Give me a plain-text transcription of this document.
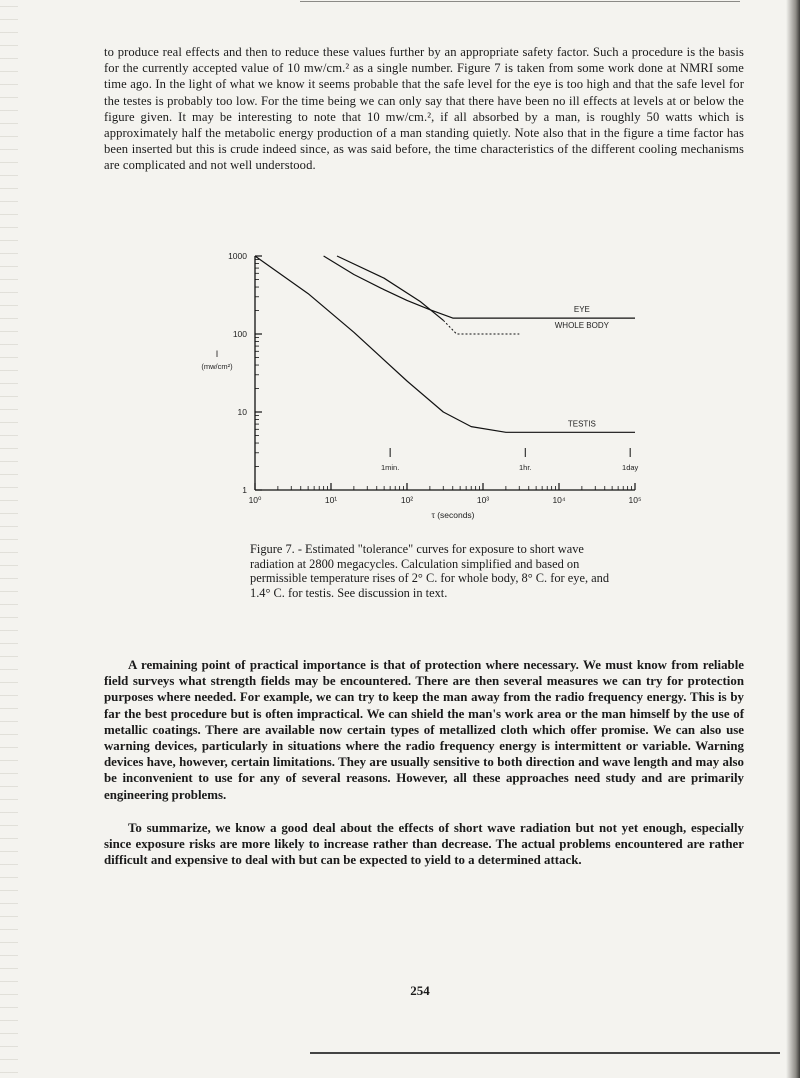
to produce real effects and then to reduce these values further by an appropriate safety factor. Such a procedure is the basis for the currently accepted value of 10 mw/cm.² as a single number. Figure 7 is taken from some work done at NMRI some time ago. In the light of what we know it seems probable that the safe level for the eye is too high and that the safe level for the testes is probably too low. For the time being we can only say that there have been no ill effects at levels at or below the figure given. It may be interesting to note that 10 mw/cm.², if all absorbed by a man, is roughly 50 watts which is approximately half the metabolic energy production of a man standing quietly. Note also that in the figure a time factor has been inserted but this is crude indeed since, as was said before, the time characteristics of the different cooling mechanisms are complicated and not well understood.

1
10
100
1000
10⁰	10¹	10²	10³	10⁴	10⁵
I
(mw/cm²)
τ (seconds)
1min.	1hr.	1day
EYE
WHOLE BODY
TESTIS

Figure 7. - Estimated "tolerance" curves for exposure to short wave radiation at 2800 megacycles. Calculation simplified and based on permissible temperature rises of 2° C. for whole body, 8° C. for eye, and 1.4° C. for testis. See discussion in text.

A remaining point of practical importance is that of protection where necessary. We must know from reliable field surveys what strength fields may be encountered. There are then several measures we can try for protection purposes where needed. For example, we can try to keep the man away from the radio frequency energy. This is by far the best procedure but is often impractical. We can shield the man's work area or the man himself by the use of metallic coatings. There are available now certain types of metallized cloth which offer promise. We can also use warning devices, particularly in situations where the radio frequency energy is intermittent or variable. Warning devices have, however, certain limitations. They are usually sensitive to both direction and wave length and may also be inconvenient to use for any of several reasons. However, all these approaches need study and are primarily engineering problems.

To summarize, we know a good deal about the effects of short wave radiation but not yet enough, especially since exposure risks are more likely to increase rather than decrease. The actual problems encountered are rather difficult and expensive to deal with but can be expected to yield to a determined attack.

254
